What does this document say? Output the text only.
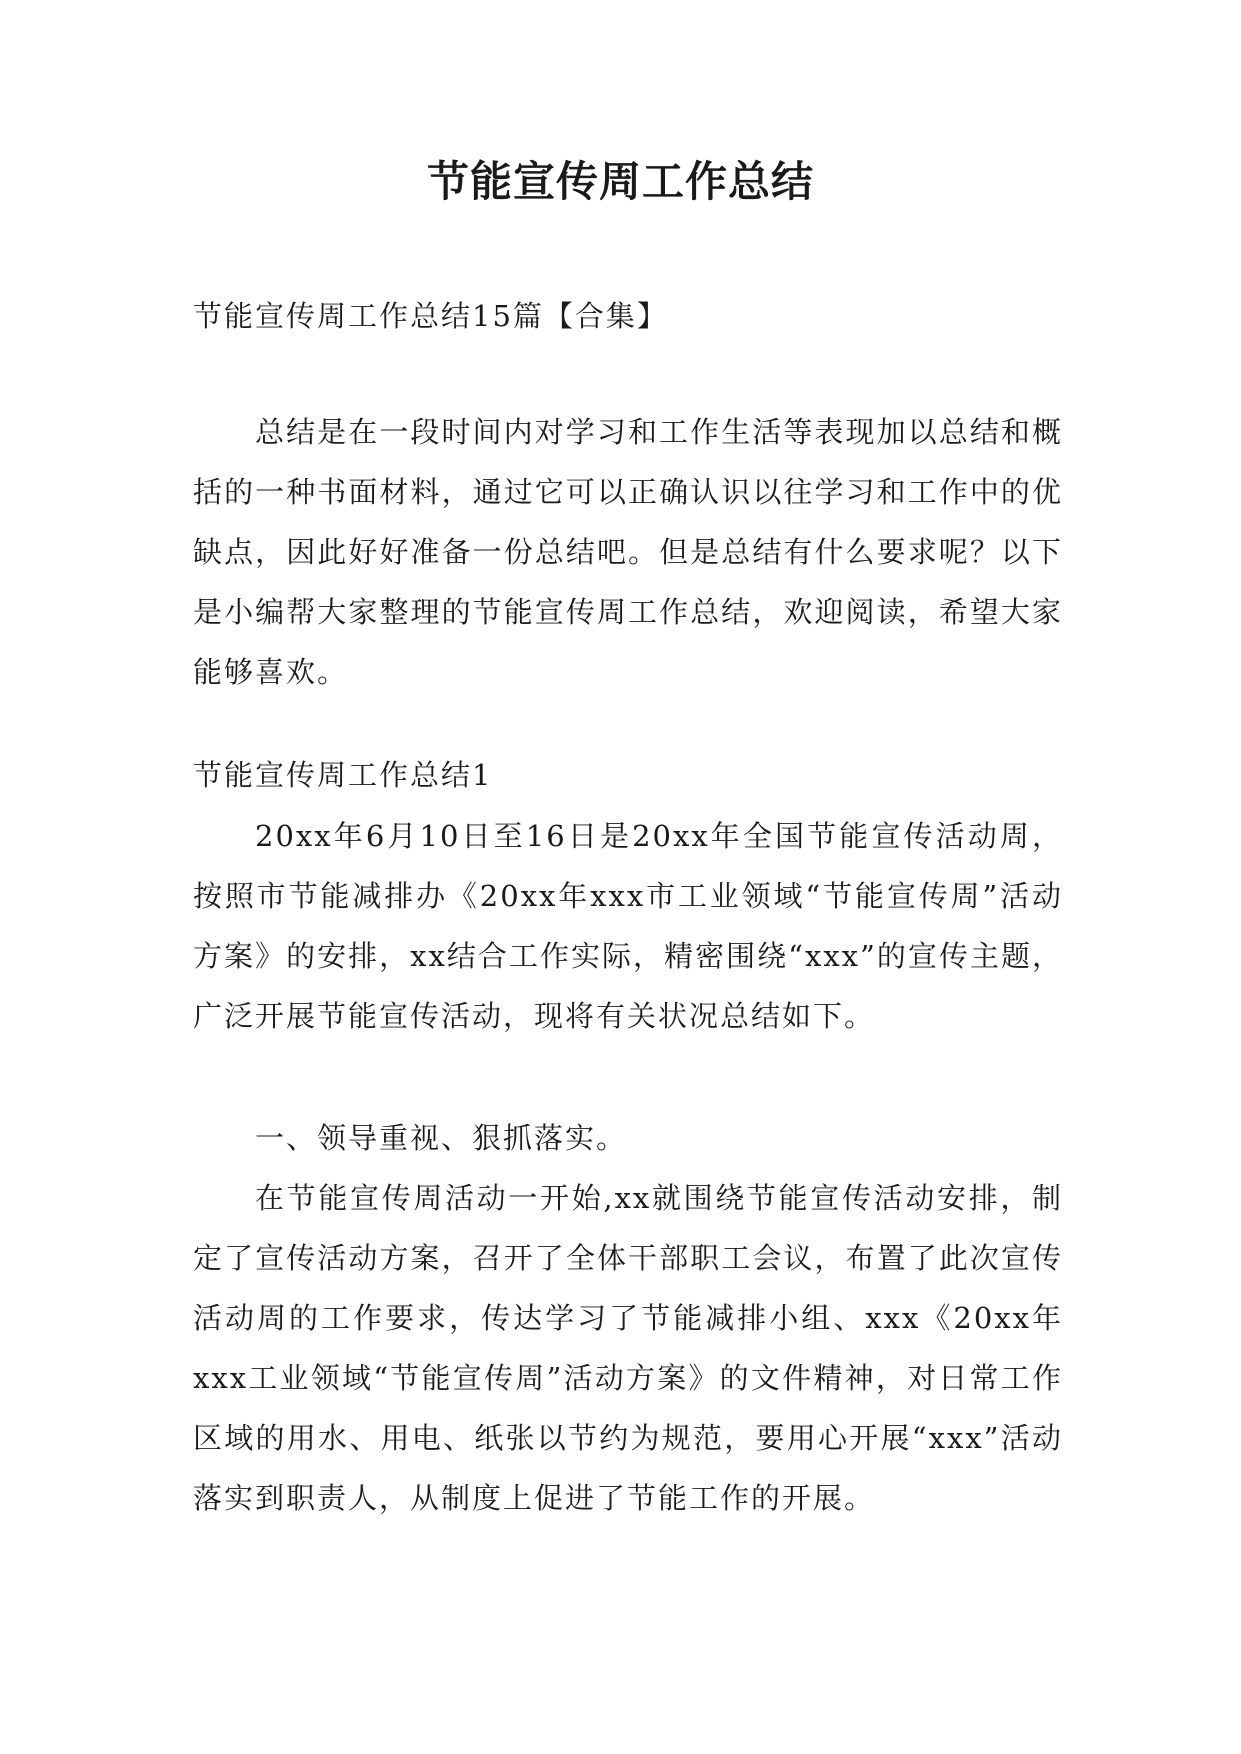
节能宣传周工作总结

节能宣传周工作总结15篇【合集】

总结是在一段时间内对学习和工作生活等表现加以总结和概括的一种书面材料，通过它可以正确认识以往学习和工作中的优缺点，因此好好准备一份总结吧。但是总结有什么要求呢？以下是小编帮大家整理的节能宣传周工作总结，欢迎阅读，希望大家能够喜欢。

节能宣传周工作总结1

20xx年6月10日至16日是20xx年全国节能宣传活动周，按照市节能减排办《20xx年xxx市工业领域“节能宣传周”活动方案》的安排，xx结合工作实际，精密围绕“xxx”的宣传主题，广泛开展节能宣传活动，现将有关状况总结如下。

一、领导重视、狠抓落实。

在节能宣传周活动一开始,xx就围绕节能宣传活动安排，制定了宣传活动方案，召开了全体干部职工会议，布置了此次宣传活动周的工作要求，传达学习了节能减排小组、xxx《20xx年xxx工业领域“节能宣传周”活动方案》的文件精神，对日常工作区域的用水、用电、纸张以节约为规范，要用心开展“xxx”活动落实到职责人，从制度上促进了节能工作的开展。
